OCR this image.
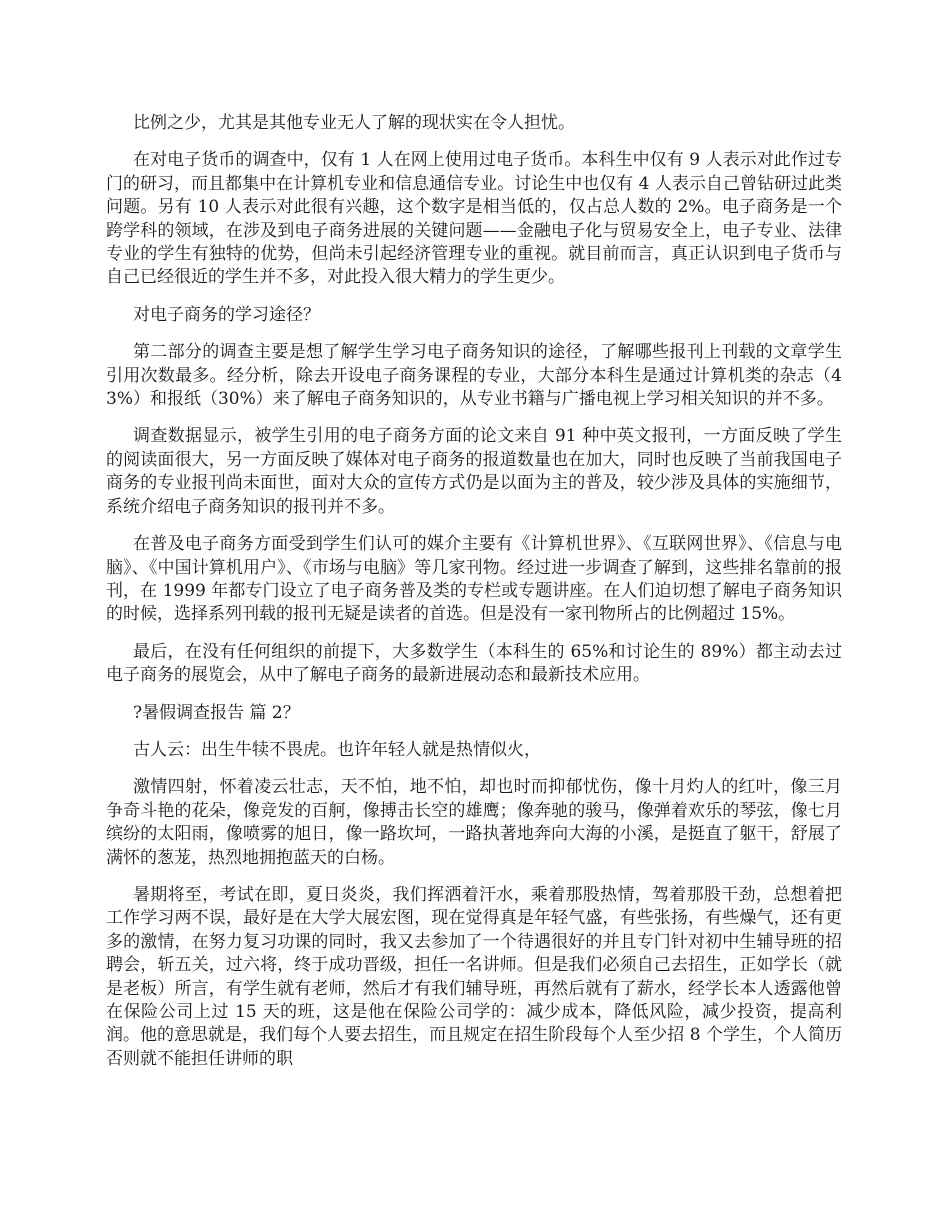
比例之少，尤其是其他专业无人了解的现状实在令人担忧。

在对电子货币的调查中，仅有 1 人在网上使用过电子货币。本科生中仅有 9 人表示对此作过专门的研习，而且都集中在计算机专业和信息通信专业。讨论生中也仅有 4 人表示自己曾钻研过此类问题。另有 10 人表示对此很有兴趣，这个数字是相当低的，仅占总人数的 2%。电子商务是一个跨学科的领域，在涉及到电子商务进展的关键问题——金融电子化与贸易安全上，电子专业、法律专业的学生有独特的优势，但尚未引起经济管理专业的重视。就目前而言，真正认识到电子货币与自己已经很近的学生并不多，对此投入很大精力的学生更少。

对电子商务的学习途径？

第二部分的调查主要是想了解学生学习电子商务知识的途径，了解哪些报刊上刊载的文章学生引用次数最多。经分析，除去开设电子商务课程的专业，大部分本科生是通过计算机类的杂志（43%）和报纸（30%）来了解电子商务知识的，从专业书籍与广播电视上学习相关知识的并不多。

调查数据显示，被学生引用的电子商务方面的论文来自 91 种中英文报刊，一方面反映了学生的阅读面很大，另一方面反映了媒体对电子商务的报道数量也在加大，同时也反映了当前我国电子商务的专业报刊尚未面世，面对大众的宣传方式仍是以面为主的普及，较少涉及具体的实施细节，系统介绍电子商务知识的报刊并不多。

在普及电子商务方面受到学生们认可的媒介主要有《计算机世界》、《互联网世界》、《信息与电脑》、《中国计算机用户》、《市场与电脑》等几家刊物。经过进一步调查了解到，这些排名靠前的报刊，在 1999 年都专门设立了电子商务普及类的专栏或专题讲座。在人们迫切想了解电子商务知识的时候，选择系列刊载的报刊无疑是读者的首选。但是没有一家刊物所占的比例超过 15%。

最后，在没有任何组织的前提下，大多数学生（本科生的 65%和讨论生的 89%）都主动去过电子商务的展览会，从中了解电子商务的最新进展动态和最新技术应用。

?暑假调查报告 篇 2？

古人云：出生牛犊不畏虎。也许年轻人就是热情似火，

激情四射，怀着凌云壮志，天不怕，地不怕，却也时而抑郁忧伤，像十月灼人的红叶，像三月争奇斗艳的花朵，像竞发的百舸，像搏击长空的雄鹰；像奔驰的骏马，像弹着欢乐的琴弦，像七月缤纷的太阳雨，像喷雾的旭日，像一路坎坷，一路执著地奔向大海的小溪，是挺直了躯干，舒展了满怀的葱茏，热烈地拥抱蓝天的白杨。

暑期将至，考试在即，夏日炎炎，我们挥洒着汗水，乘着那股热情，驾着那股干劲，总想着把工作学习两不误，最好是在大学大展宏图，现在觉得真是年轻气盛，有些张扬，有些燥气，还有更多的激情，在努力复习功课的同时，我又去参加了一个待遇很好的并且专门针对初中生辅导班的招聘会，斩五关，过六将，终于成功晋级，担任一名讲师。但是我们必须自己去招生，正如学长（就是老板）所言，有学生就有老师，然后才有我们辅导班，再然后就有了薪水，经学长本人透露他曾在保险公司上过 15 天的班，这是他在保险公司学的：减少成本，降低风险，减少投资，提高利润。他的意思就是，我们每个人要去招生，而且规定在招生阶段每个人至少招 8 个学生，个人简历否则就不能担任讲师的职
